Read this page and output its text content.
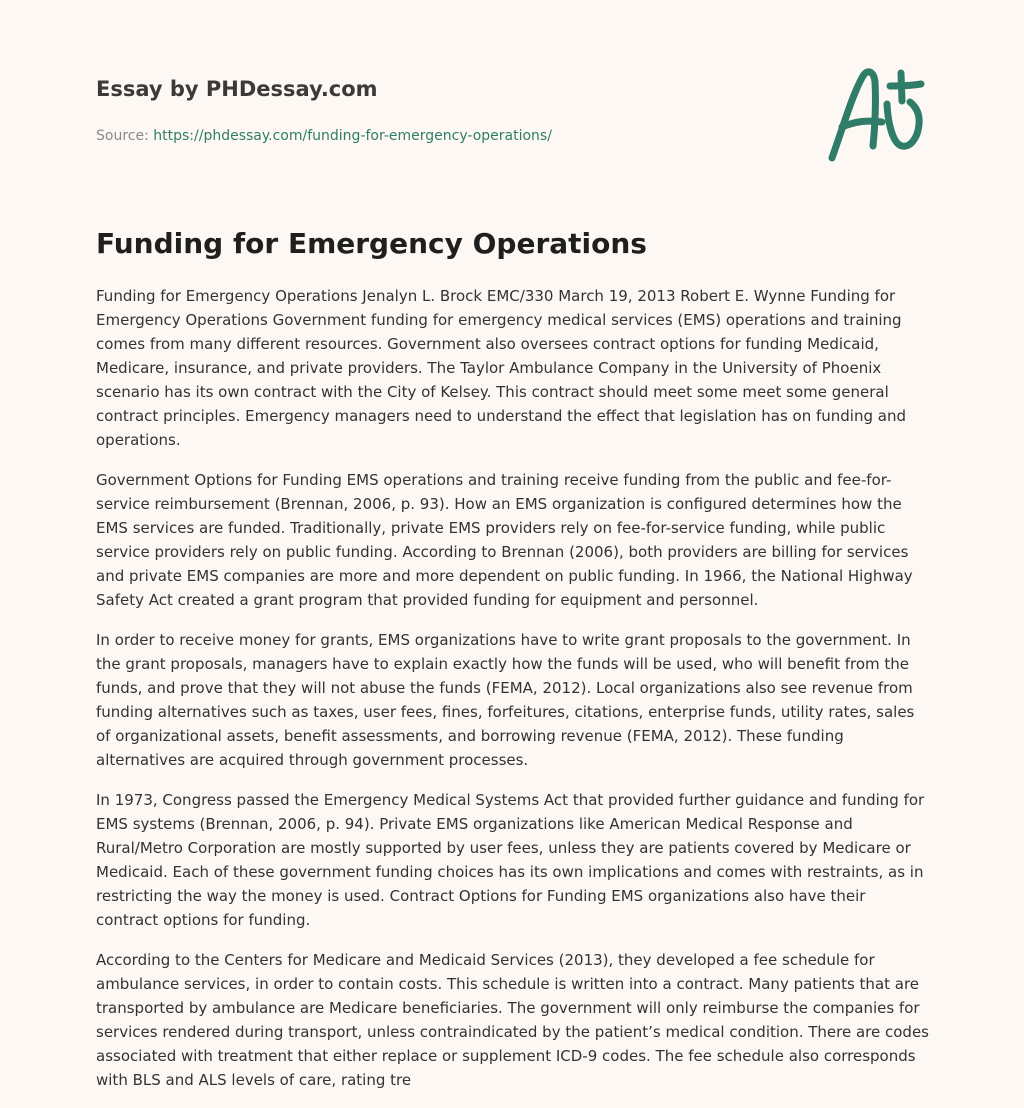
Essay by PHDessay.com
Source: https://phdessay.com/funding-for-emergency-operations/
Funding for Emergency Operations

Funding for Emergency Operations Jenalyn L. Brock EMC/330 March 19, 2013 Robert E. Wynne Funding for Emergency Operations Government funding for emergency medical services (EMS) operations and training comes from many different resources. Government also oversees contract options for funding Medicaid, Medicare, insurance, and private providers. The Taylor Ambulance Company in the University of Phoenix scenario has its own contract with the City of Kelsey. This contract should meet some meet some general contract principles. Emergency managers need to understand the effect that legislation has on funding and operations.

Government Options for Funding EMS operations and training receive funding from the public and fee-for-service reimbursement (Brennan, 2006, p. 93). How an EMS organization is configured determines how the EMS services are funded. Traditionally, private EMS providers rely on fee-for-service funding, while public service providers rely on public funding. According to Brennan (2006), both providers are billing for services and private EMS companies are more and more dependent on public funding. In 1966, the National Highway Safety Act created a grant program that provided funding for equipment and personnel.

In order to receive money for grants, EMS organizations have to write grant proposals to the government. In the grant proposals, managers have to explain exactly how the funds will be used, who will benefit from the funds, and prove that they will not abuse the funds (FEMA, 2012). Local organizations also see revenue from funding alternatives such as taxes, user fees, fines, forfeitures, citations, enterprise funds, utility rates, sales of organizational assets, benefit assessments, and borrowing revenue (FEMA, 2012). These funding alternatives are acquired through government processes.

In 1973, Congress passed the Emergency Medical Systems Act that provided further guidance and funding for EMS systems (Brennan, 2006, p. 94). Private EMS organizations like American Medical Response and Rural/Metro Corporation are mostly supported by user fees, unless they are patients covered by Medicare or Medicaid. Each of these government funding choices has its own implications and comes with restraints, as in restricting the way the money is used. Contract Options for Funding EMS organizations also have their contract options for funding.

According to the Centers for Medicare and Medicaid Services (2013), they developed a fee schedule for ambulance services, in order to contain costs. This schedule is written into a contract. Many patients that are transported by ambulance are Medicare beneficiaries. The government will only reimburse the companies for services rendered during transport, unless contraindicated by the patient’s medical condition. There are codes associated with treatment that either replace or supplement ICD-9 codes. The fee schedule also corresponds with BLS and ALS levels of care, rating tre
